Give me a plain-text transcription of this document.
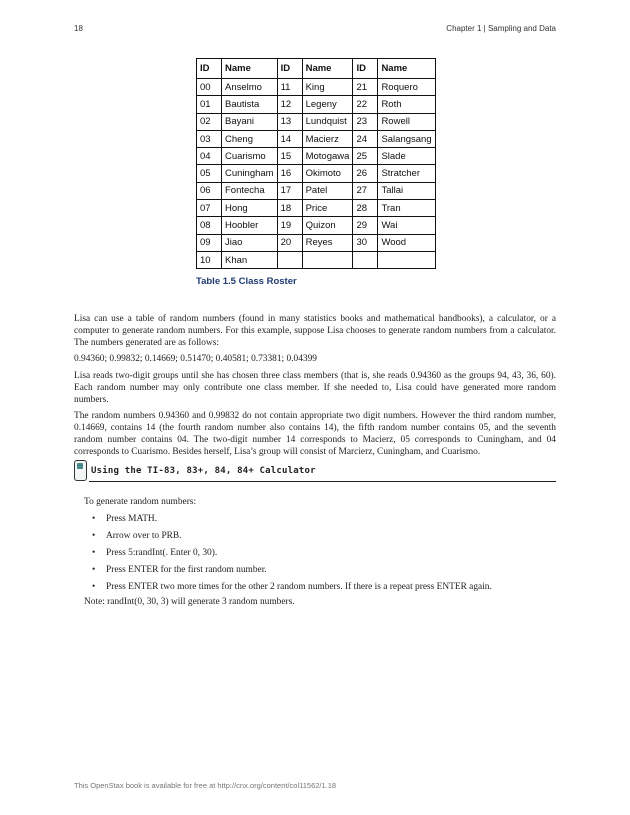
18	Chapter 1 | Sampling and Data
ID	Name	ID	Name	ID	Name
00	Anselmo	11	King	21	Roquero
01	Bautista	12	Legeny	22	Roth
02	Bayani	13	Lundquist	23	Rowell
03	Cheng	14	Macierz	24	Salangsang
04	Cuarismo	15	Motogawa	25	Slade
05	Cuningham	16	Okimoto	26	Stratcher
06	Fontecha	17	Patel	27	Tallai
07	Hong	18	Price	28	Tran
08	Hoobler	19	Quizon	29	Wai
09	Jiao	20	Reyes	30	Wood
10	Khan				
Table 1.5 Class Roster

Lisa can use a table of random numbers (found in many statistics books and mathematical handbooks), a calculator, or a computer to generate random numbers. For this example, suppose Lisa chooses to generate random numbers from a calculator. The numbers generated are as follows:

0.94360; 0.99832; 0.14669; 0.51470; 0.40581; 0.73381; 0.04399

Lisa reads two-digit groups until she has chosen three class members (that is, she reads 0.94360 as the groups 94, 43, 36, 60). Each random number may only contribute one class member. If she needed to, Lisa could have generated more random numbers.

The random numbers 0.94360 and 0.99832 do not contain appropriate two digit numbers. However the third random number, 0.14669, contains 14 (the fourth random number also contains 14), the fifth random number contains 05, and the seventh random number contains 04. The two-digit number 14 corresponds to Macierz, 05 corresponds to Cuningham, and 04 corresponds to Cuarismo. Besides herself, Lisa’s group will consist of Marcierz, Cuningham, and Cuarismo.

Using the TI-83, 83+, 84, 84+ Calculator

To generate random numbers:

• Press MATH.
• Arrow over to PRB.
• Press 5:randInt(. Enter 0, 30).
• Press ENTER for the first random number.
• Press ENTER two more times for the other 2 random numbers. If there is a repeat press ENTER again.

Note: randInt(0, 30, 3) will generate 3 random numbers.

This OpenStax book is available for free at http://cnx.org/content/col11562/1.18
